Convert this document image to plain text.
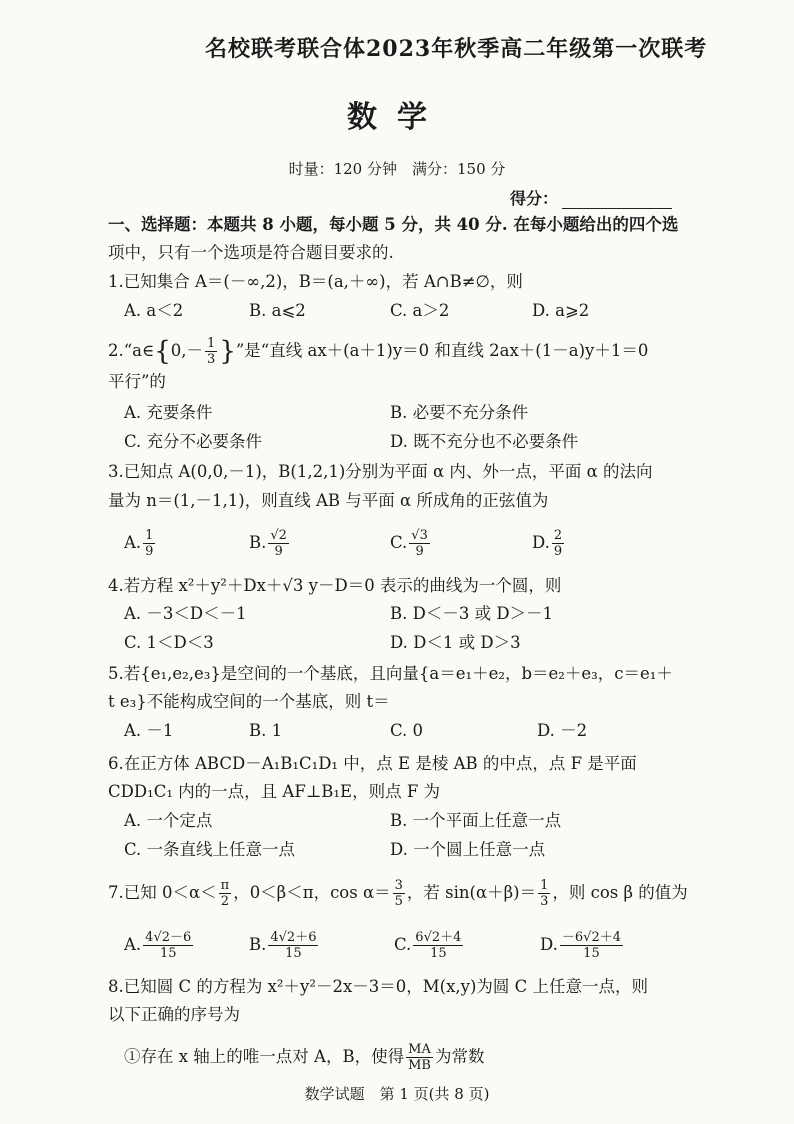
名校联考联合体2023年秋季高二年级第一次联考
数学
时量：120 分钟　满分：150 分
得分：
一、选择题：本题共 8 小题，每小题 5 分，共 40 分. 在每小题给出的四个选
项中，只有一个选项是符合题目要求的.
1.已知集合 A＝(－∞,2)，B＝(a,＋∞)，若 A∩B≠∅，则
A. a＜2	B. a⩽2	C. a＞2	D. a⩾2
2.“a∈{0,－ $\frac{1}{3}$ }”是“直线 ax＋(a＋1)y＝0 和直线 2ax＋(1－a)y＋1＝0
平行”的
A. 充要条件	B. 必要不充分条件
C. 充分不必要条件	D. 既不充分也不必要条件
3.已知点 A(0,0,－1)，B(1,2,1)分别为平面 α 内、外一点，平面 α 的法向
量为 n＝(1,－1,1)，则直线 AB 与平面 α 所成角的正弦值为
A. $\frac{1}{9}$	B. $\frac{√2}{9}$	C. $\frac{√3}{9}$	D. $\frac{2}{9}$
4.若方程 x²＋y²＋Dx＋√3 y－D＝0 表示的曲线为一个圆，则
A. －3＜D＜－1	B. D＜－3 或 D＞－1
C. 1＜D＜3	D. D＜1 或 D＞3
5.若{e₁,e₂,e₃}是空间的一个基底，且向量{a＝e₁＋e₂，b＝e₂＋e₃，c＝e₁＋
t e₃}不能构成空间的一个基底，则 t＝
A. －1	B. 1	C. 0	D. －2
6.在正方体 ABCD－A₁B₁C₁D₁ 中，点 E 是棱 AB 的中点，点 F 是平面
CDD₁C₁ 内的一点，且 AF⊥B₁E，则点 F 为
A. 一个定点	B. 一个平面上任意一点
C. 一条直线上任意一点	D. 一个圆上任意一点
7.已知 $0<\alpha< \frac{\pi}{2}$ ，0＜β＜π，$\cos \alpha= \frac{3}{5}$ ，若 $\sin(\alpha+\beta)= \frac{1}{3}$ ，则 cos β 的值为
A. $\frac{4√2-6}{15}$	B. $\frac{4√2+6}{15}$	C. $\frac{6√2+4}{15}$	D. $\frac{-6√2+4}{15}$
8.已知圆 C 的方程为 x²＋y²－2x－3＝0，M(x,y)为圆 C 上任意一点，则
以下正确的序号为
①存在 x 轴上的唯一点对 A，B，使得 $\frac{MA}{MB}$ 为常数
数学试题　第 1 页(共 8 页)
